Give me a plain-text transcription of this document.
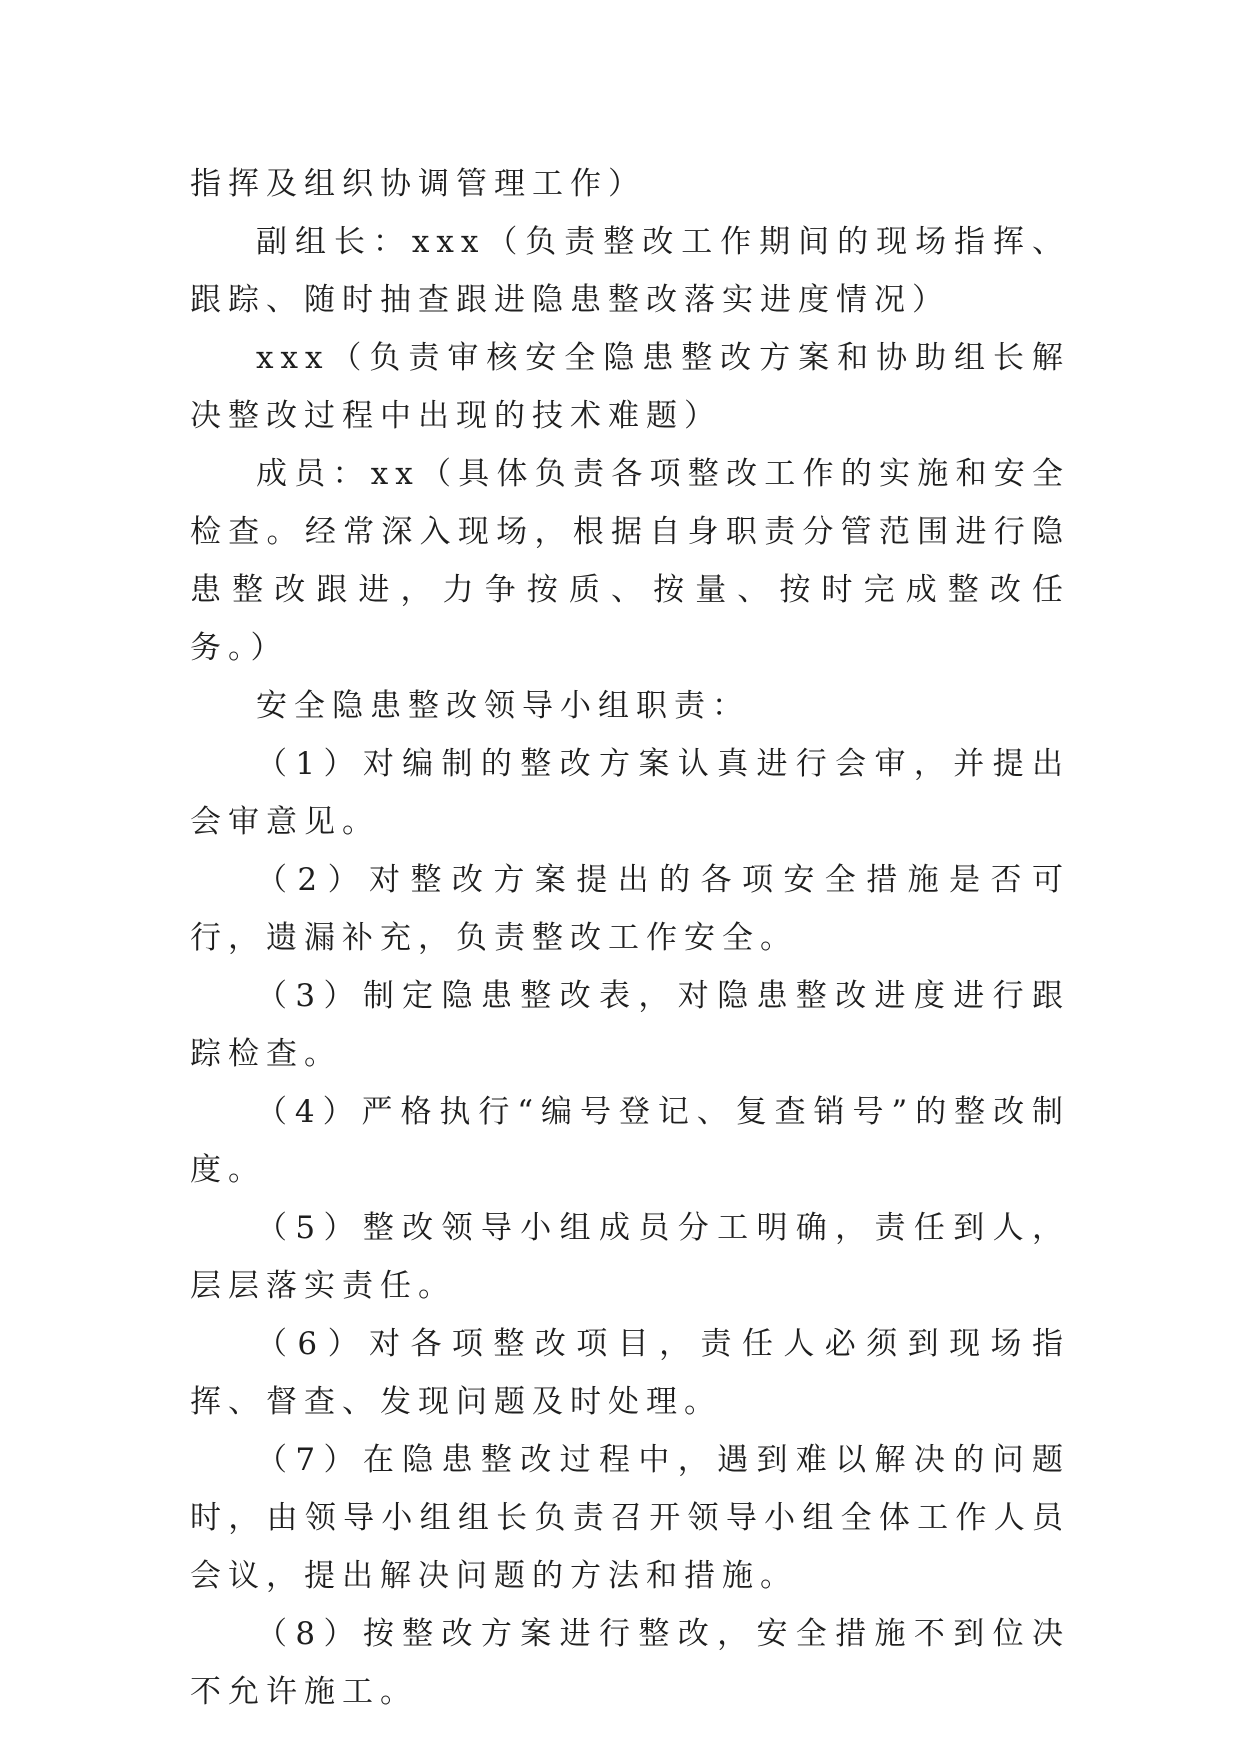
指挥及组织协调管理工作）

副组长：xxx（负责整改工作期间的现场指挥、跟踪、随时抽查跟进隐患整改落实进度情况）

xxx（负责审核安全隐患整改方案和协助组长解决整改过程中出现的技术难题）

成员：xx（具体负责各项整改工作的实施和安全检查。经常深入现场，根据自身职责分管范围进行隐患整改跟进，力争按质、按量、按时完成整改任务。）

安全隐患整改领导小组职责：

（1）对编制的整改方案认真进行会审，并提出会审意见。

（2）对整改方案提出的各项安全措施是否可行，遗漏补充，负责整改工作安全。

（3）制定隐患整改表，对隐患整改进度进行跟踪检查。

（4）严格执行“编号登记、复查销号”的整改制度。

（5）整改领导小组成员分工明确，责任到人，层层落实责任。

（6）对各项整改项目，责任人必须到现场指挥、督查、发现问题及时处理。

（7）在隐患整改过程中，遇到难以解决的问题时，由领导小组组长负责召开领导小组全体工作人员会议，提出解决问题的方法和措施。

（8）按整改方案进行整改，安全措施不到位决不允许施工。
